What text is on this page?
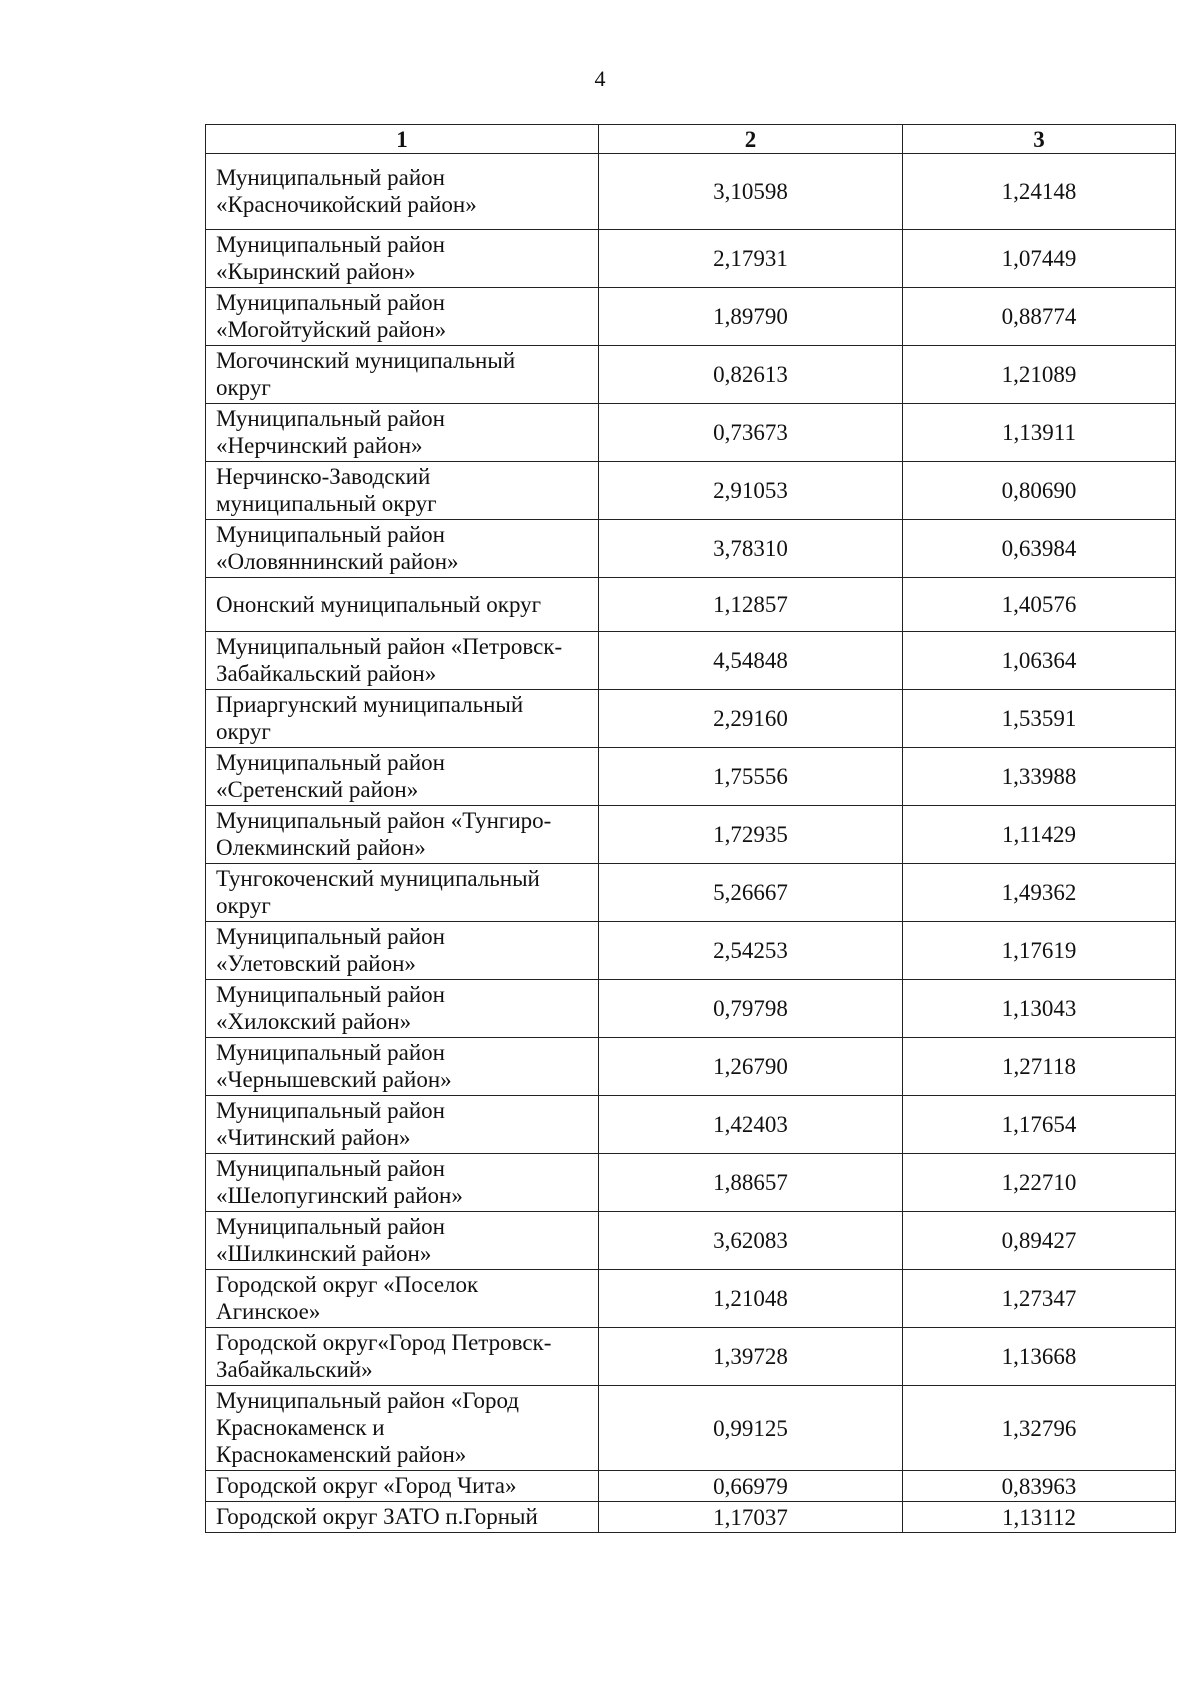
4
1	2	3

Муниципальный район
«Красночикойский район»	3,10598	1,24148

Муниципальный район
«Кыринский район»	2,17931	1,07449

Муниципальный район
«Могойтуйский район»	1,89790	0,88774

Могочинский муниципальный
округ	0,82613	1,21089

Муниципальный район
«Нерчинский район»	0,73673	1,13911

Нерчинско-Заводский
муниципальный округ	2,91053	0,80690

Муниципальный район
«Оловяннинский район»	3,78310	0,63984

Ононский муниципальный округ	1,12857	1,40576

Муниципальный район «Петровск-
Забайкальский район»	4,54848	1,06364

Приаргунский муниципальный
округ	2,29160	1,53591

Муниципальный район
«Сретенский район»	1,75556	1,33988

Муниципальный район «Тунгиро-
Олекминский район»	1,72935	1,11429

Тунгокоченский муниципальный
округ	5,26667	1,49362

Муниципальный район
«Улетовский район»	2,54253	1,17619

Муниципальный район
«Хилокский район»	0,79798	1,13043

Муниципальный район
«Чернышевский район»	1,26790	1,27118

Муниципальный район
«Читинский район»	1,42403	1,17654

Муниципальный район
«Шелопугинский район»	1,88657	1,22710

Муниципальный район
«Шилкинский район»	3,62083	0,89427

Городской округ «Поселок
Агинское»	1,21048	1,27347

Городской округ«Город Петровск-
Забайкальский»	1,39728	1,13668

Муниципальный район «Город
Краснокаменск и
Краснокаменский район»	0,99125	1,32796

Городской округ «Город Чита»	0,66979	0,83963

Городской округ ЗАТО п.Горный	1,17037	1,13112
